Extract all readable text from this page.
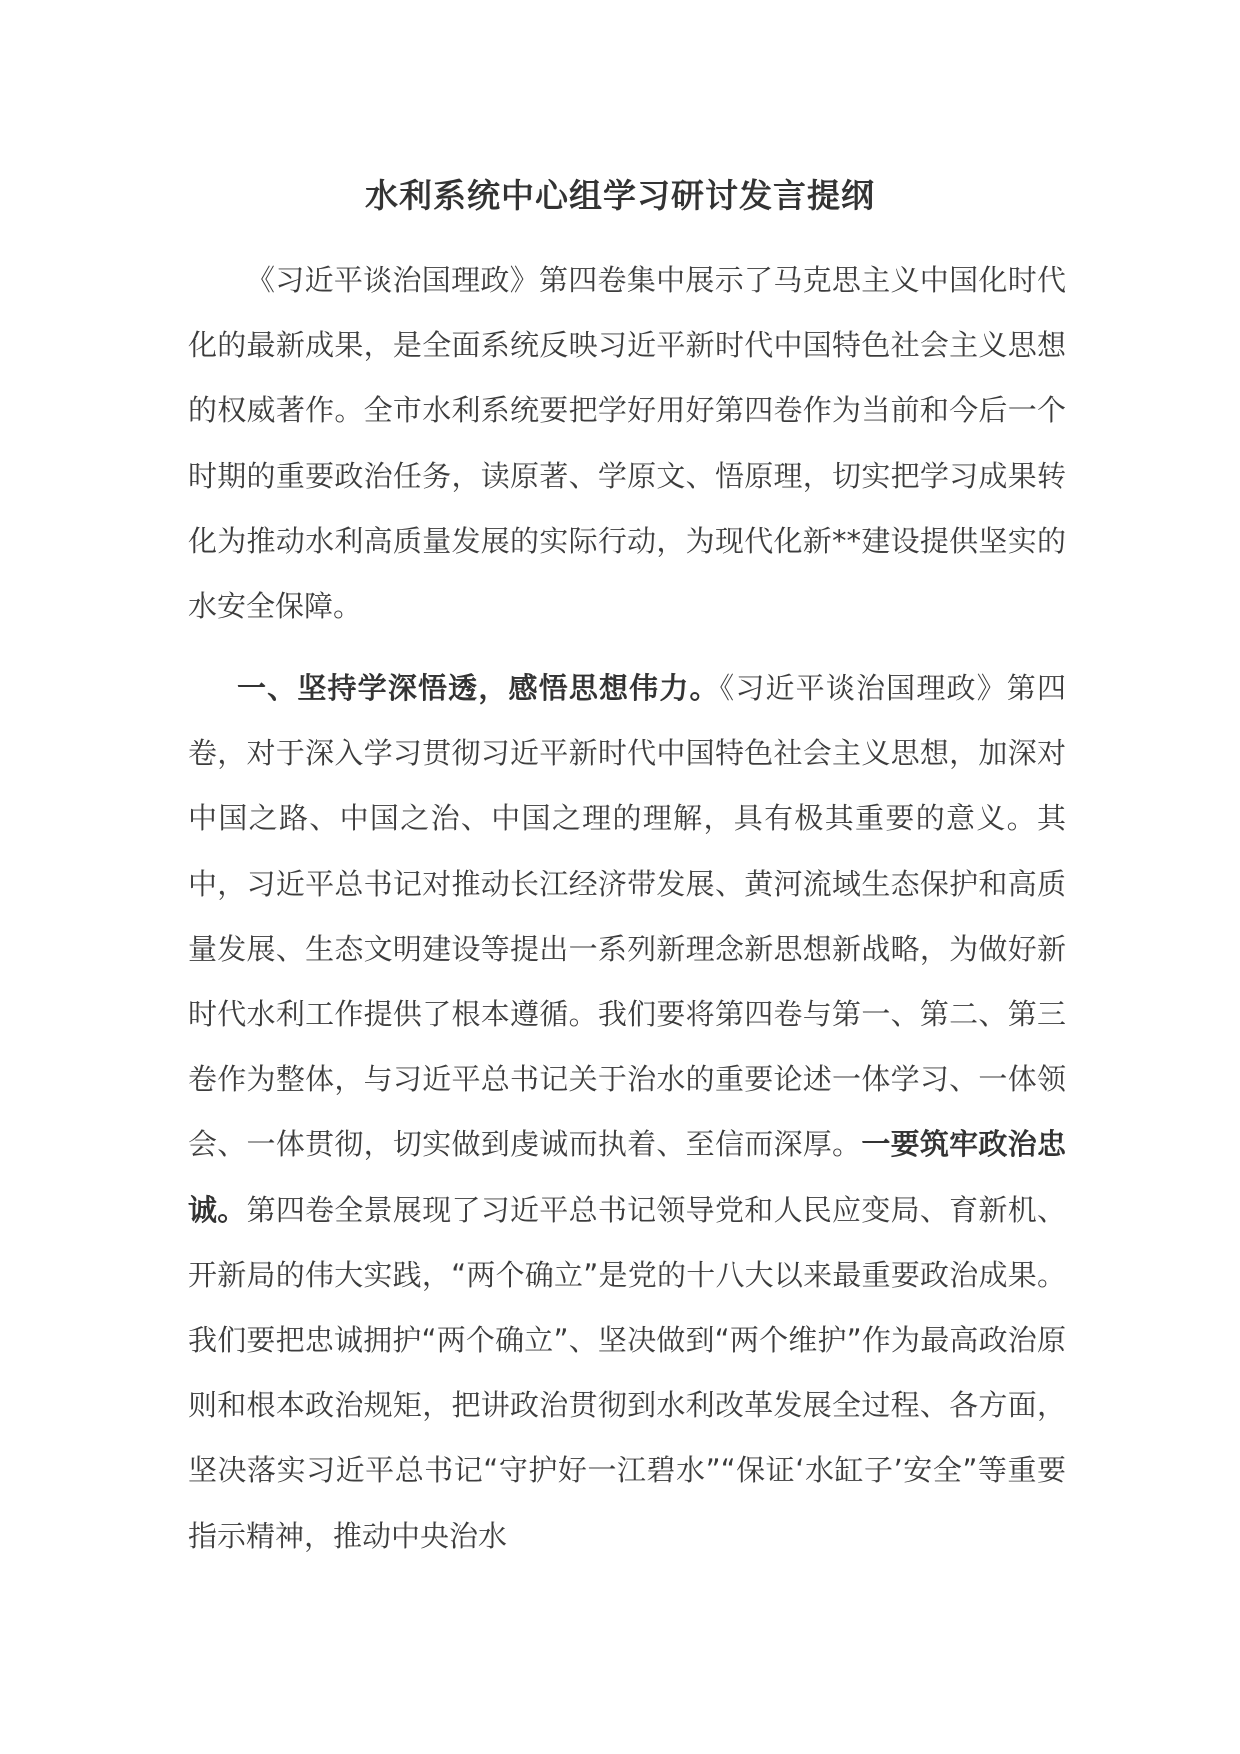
水利系统中心组学习研讨发言提纲

《习近平谈治国理政》第四卷集中展示了马克思主义中国化时代化的最新成果，是全面系统反映习近平新时代中国特色社会主义思想的权威著作。全市水利系统要把学好用好第四卷作为当前和今后一个时期的重要政治任务，读原著、学原文、悟原理，切实把学习成果转化为推动水利高质量发展的实际行动，为现代化新**建设提供坚实的水安全保障。

一、坚持学深悟透，感悟思想伟力。《习近平谈治国理政》第四卷，对于深入学习贯彻习近平新时代中国特色社会主义思想，加深对中国之路、中国之治、中国之理的理解，具有极其重要的意义。其中，习近平总书记对推动长江经济带发展、黄河流域生态保护和高质量发展、生态文明建设等提出一系列新理念新思想新战略，为做好新时代水利工作提供了根本遵循。我们要将第四卷与第一、第二、第三卷作为整体，与习近平总书记关于治水的重要论述一体学习、一体领会、一体贯彻，切实做到虔诚而执着、至信而深厚。一要筑牢政治忠诚。第四卷全景展现了习近平总书记领导党和人民应变局、育新机、开新局的伟大实践，“两个确立”是党的十八大以来最重要政治成果。我们要把忠诚拥护“两个确立”、坚决做到“两个维护”作为最高政治原则和根本政治规矩，把讲政治贯彻到水利改革发展全过程、各方面，坚决落实习近平总书记“守护好一江碧水”“保证‘水缸子’安全”等重要指示精神，推动中央治水
